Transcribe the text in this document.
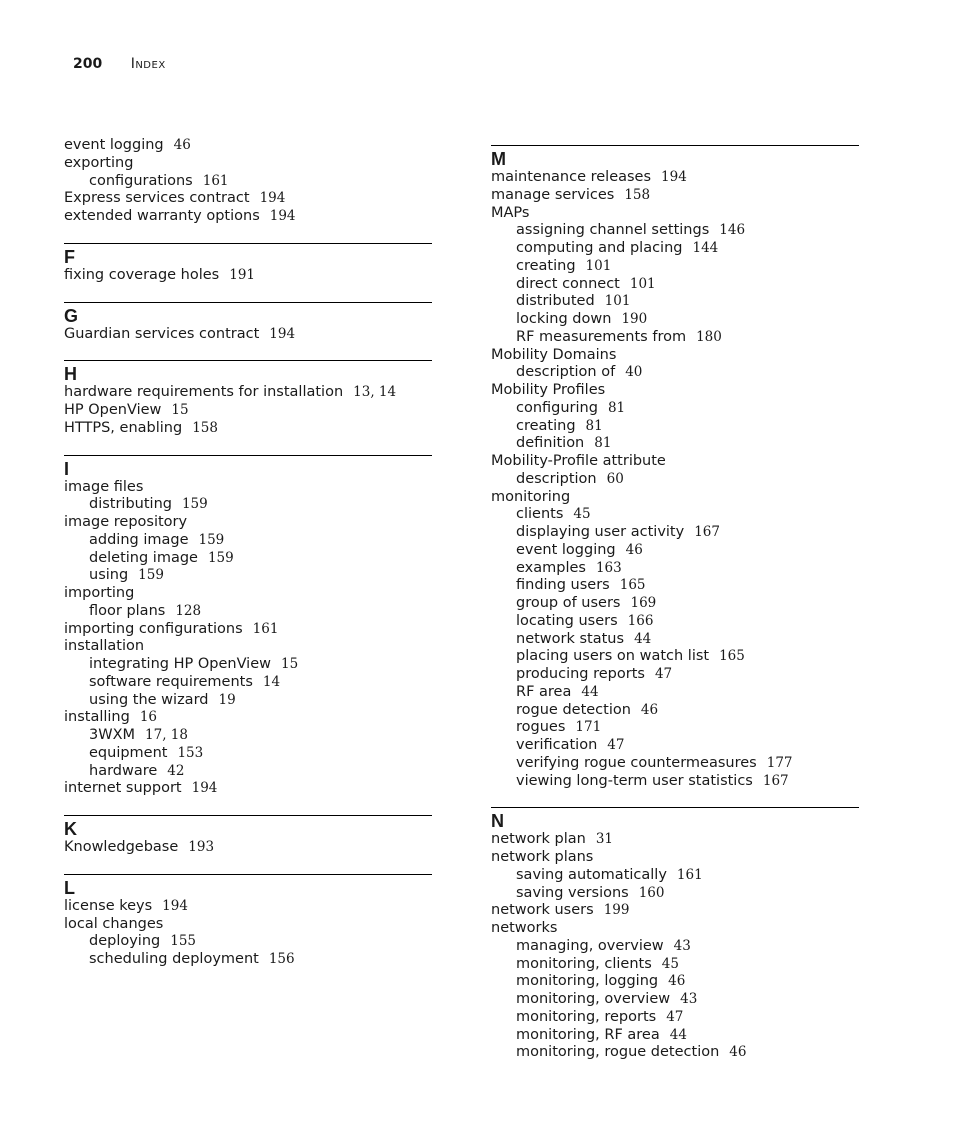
200 Index
event logging 46
exporting
configurations 161
Express services contract 194
extended warranty options 194
F
fixing coverage holes 191
G
Guardian services contract 194
H
hardware requirements for installation 13, 14
HP OpenView 15
HTTPS, enabling 158
I
image files
distributing 159
image repository
adding image 159
deleting image 159
using 159
importing
floor plans 128
importing configurations 161
installation
integrating HP OpenView 15
software requirements 14
using the wizard 19
installing 16
3WXM 17, 18
equipment 153
hardware 42
internet support 194
K
Knowledgebase 193
L
license keys 194
local changes
deploying 155
scheduling deployment 156
M
maintenance releases 194
manage services 158
MAPs
assigning channel settings 146
computing and placing 144
creating 101
direct connect 101
distributed 101
locking down 190
RF measurements from 180
Mobility Domains
description of 40
Mobility Profiles
configuring 81
creating 81
definition 81
Mobility-Profile attribute
description 60
monitoring
clients 45
displaying user activity 167
event logging 46
examples 163
finding users 165
group of users 169
locating users 166
network status 44
placing users on watch list 165
producing reports 47
RF area 44
rogue detection 46
rogues 171
verification 47
verifying rogue countermeasures 177
viewing long-term user statistics 167
N
network plan 31
network plans
saving automatically 161
saving versions 160
network users 199
networks
managing, overview 43
monitoring, clients 45
monitoring, logging 46
monitoring, overview 43
monitoring, reports 47
monitoring, RF area 44
monitoring, rogue detection 46
